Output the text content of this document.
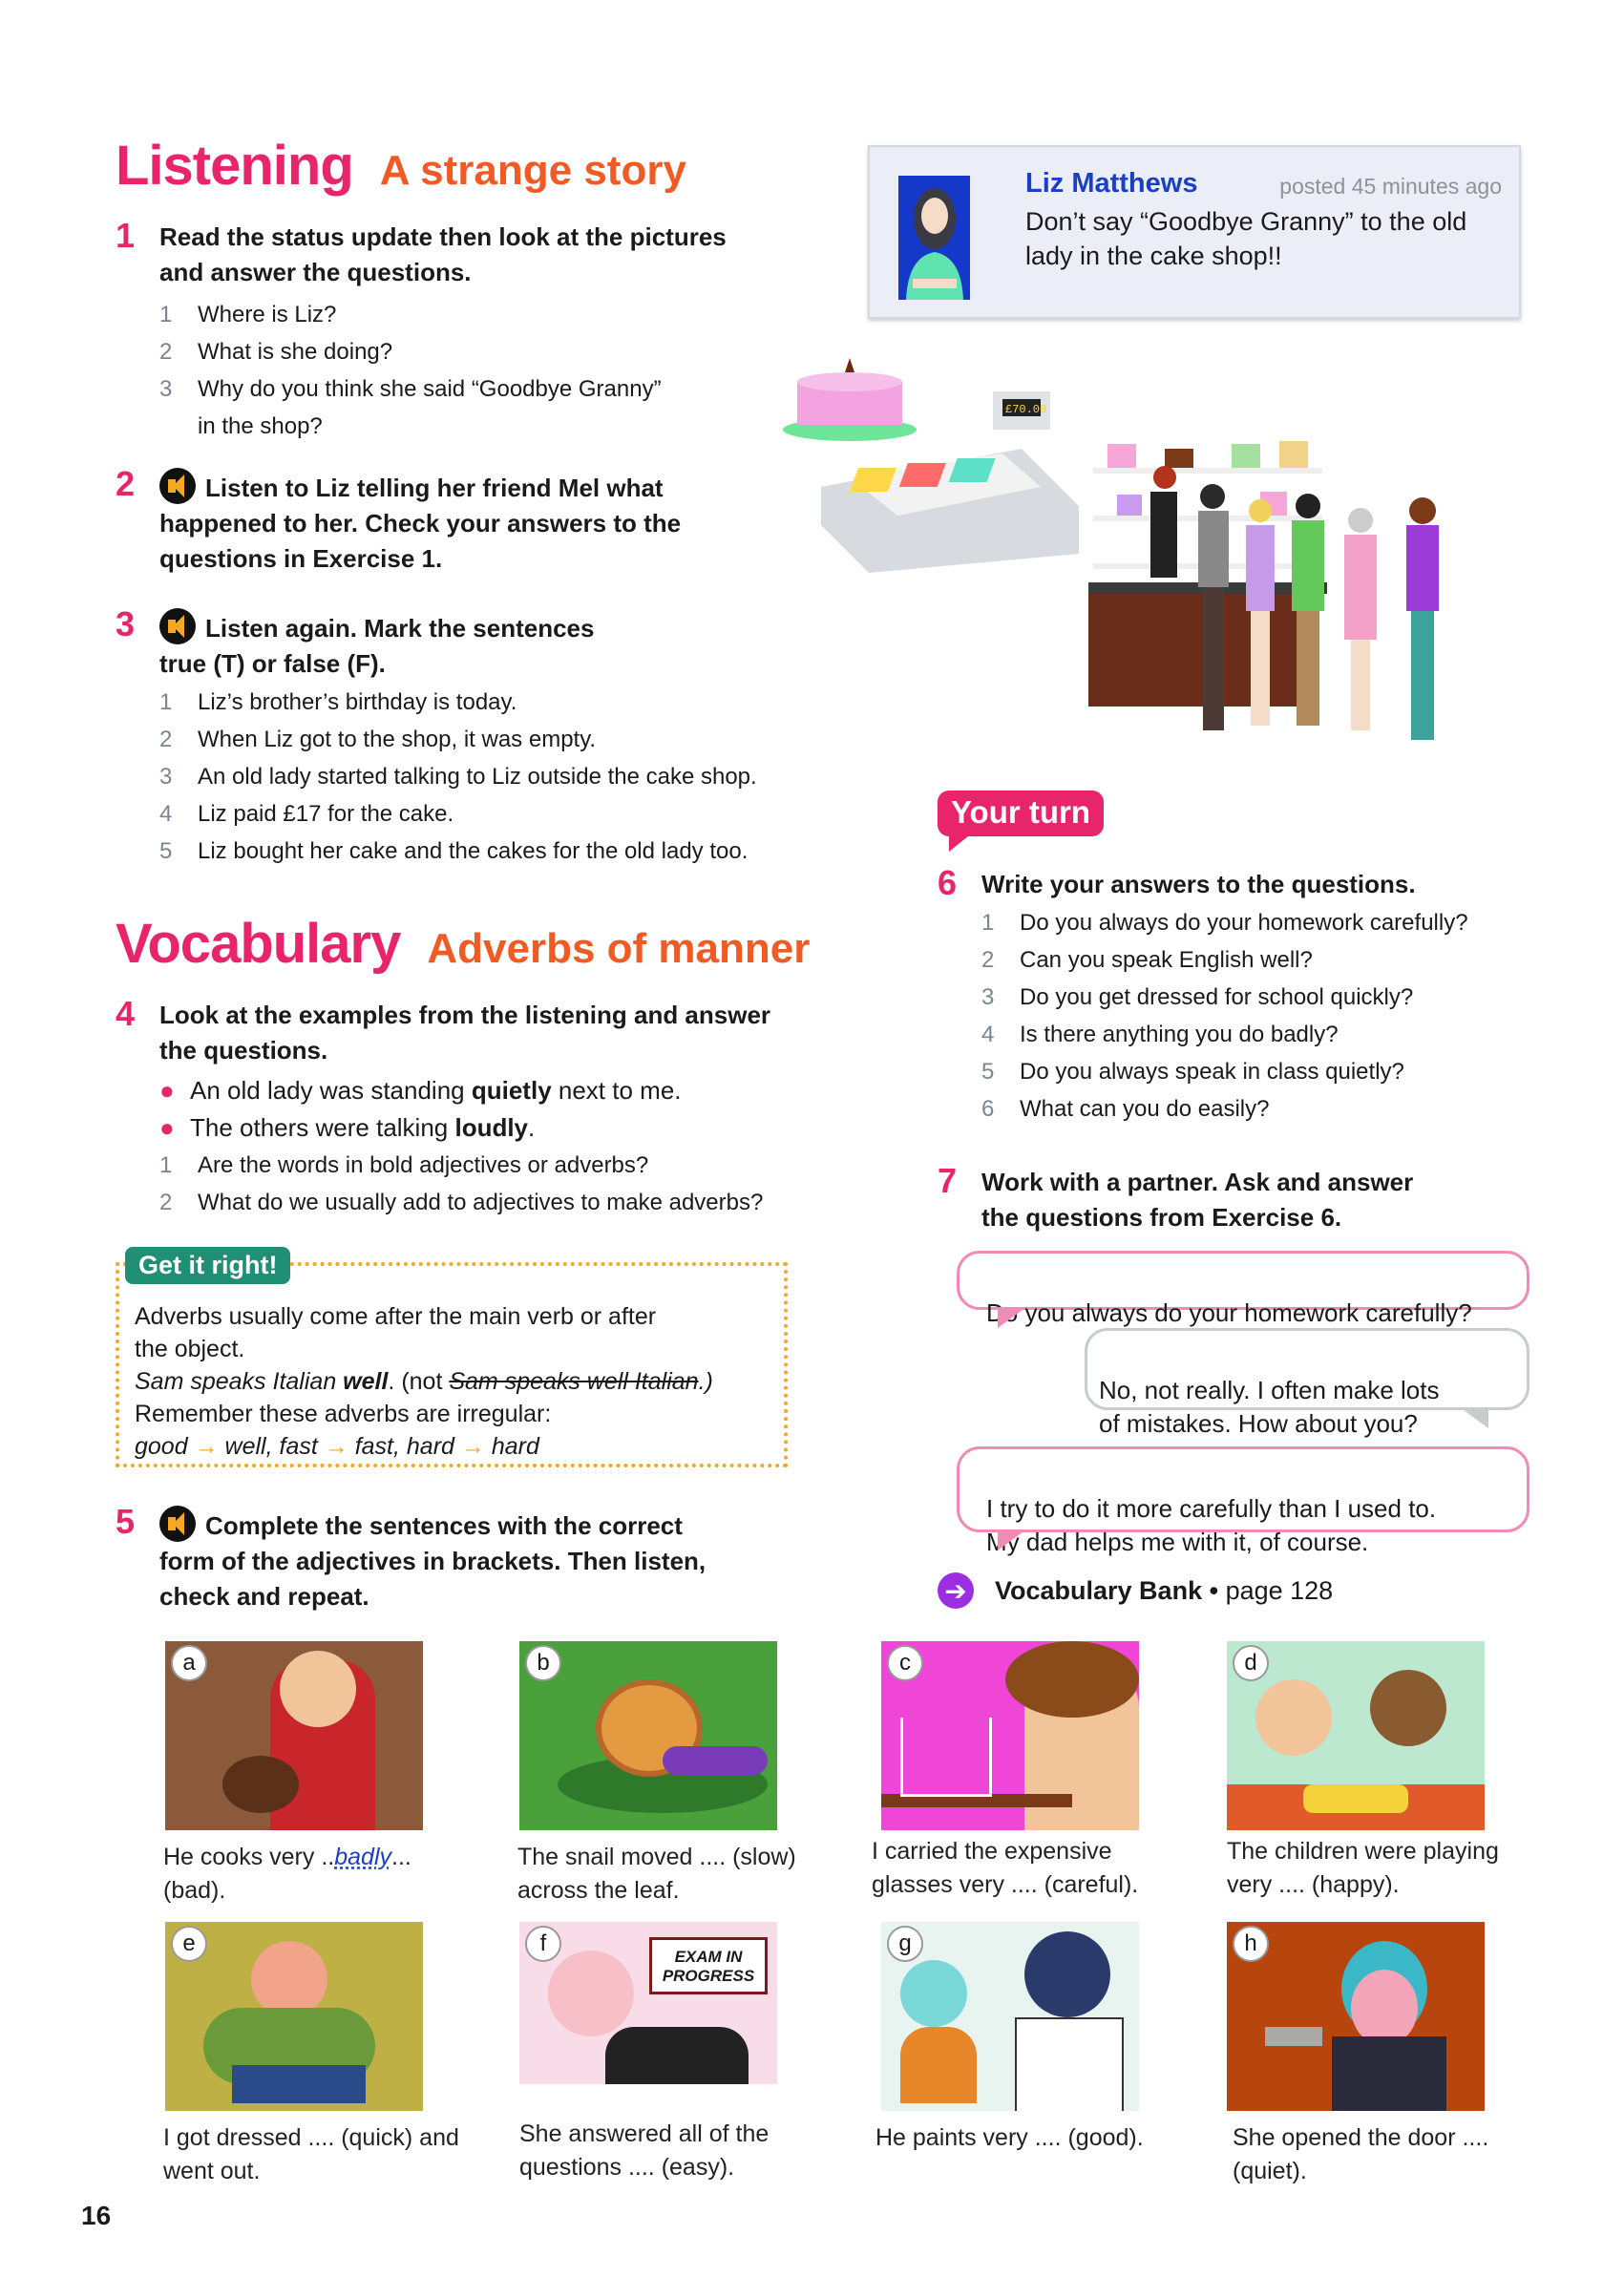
Listening A strange story
1 Read the status update then look at the pictures
and answer the questions.
1	Where is Liz?
2	What is she doing?
3	Why do you think she said “Goodbye Granny”
in the shop?
2	Listen to Liz telling her friend Mel what
happened to her. Check your answers to the
questions in Exercise 1.
3	Listen again. Mark the sentences
true (T) or false (F).
1	Liz’s brother’s birthday is today.
2	When Liz got to the shop, it was empty.
3	An old lady started talking to Liz outside the cake shop.
4	Liz paid £17 for the cake.
5	Liz bought her cake and the cakes for the old lady too.
Liz Matthews	posted 45 minutes ago
Don’t say “Goodbye Granny” to the old
lady in the cake shop!!
£70.00
Vocabulary Adverbs of manner
4 Look at the examples from the listening and answer
the questions.
● An old lady was standing quietly next to me.
● The others were talking loudly.
1	Are the words in bold adjectives or adverbs?
2	What do we usually add to adjectives to make adverbs?
Get it right!
Adverbs usually come after the main verb or after
the object.
Sam speaks Italian well. (not Sam speaks well Italian.)
Remember these adverbs are irregular:
good → well, fast → fast, hard → hard
5	Complete the sentences with the correct
form of the adjectives in brackets. Then listen,
check and repeat.
a	b	c	d
He cooks very ..badly...
(bad).
The snail moved .... (slow)
across the leaf.
I carried the expensive
glasses very .... (careful).
The children were playing
very .... (happy).
e
EXAM IN
PROGRESS
f	g	h
I got dressed .... (quick) and
went out.
She answered all of the
questions .... (easy).
He paints very .... (good).	She opened the door ....
(quiet).
Your turn
6 Write your answers to the questions.
1	Do you always do your homework carefully?
2	Can you speak English well?
3	Do you get dressed for school quickly?
4	Is there anything you do badly?
5	Do you always speak in class quietly?
6	What can you do easily?
7 Work with a partner. Ask and answer
the questions from Exercise 6.

Do you always do your homework carefully?

No, not really. I often make lots
of mistakes. How about you?

I try to do it more carefully than I used to.
My dad helps me with it, of course.

➔ Vocabulary Bank • page 128
16
